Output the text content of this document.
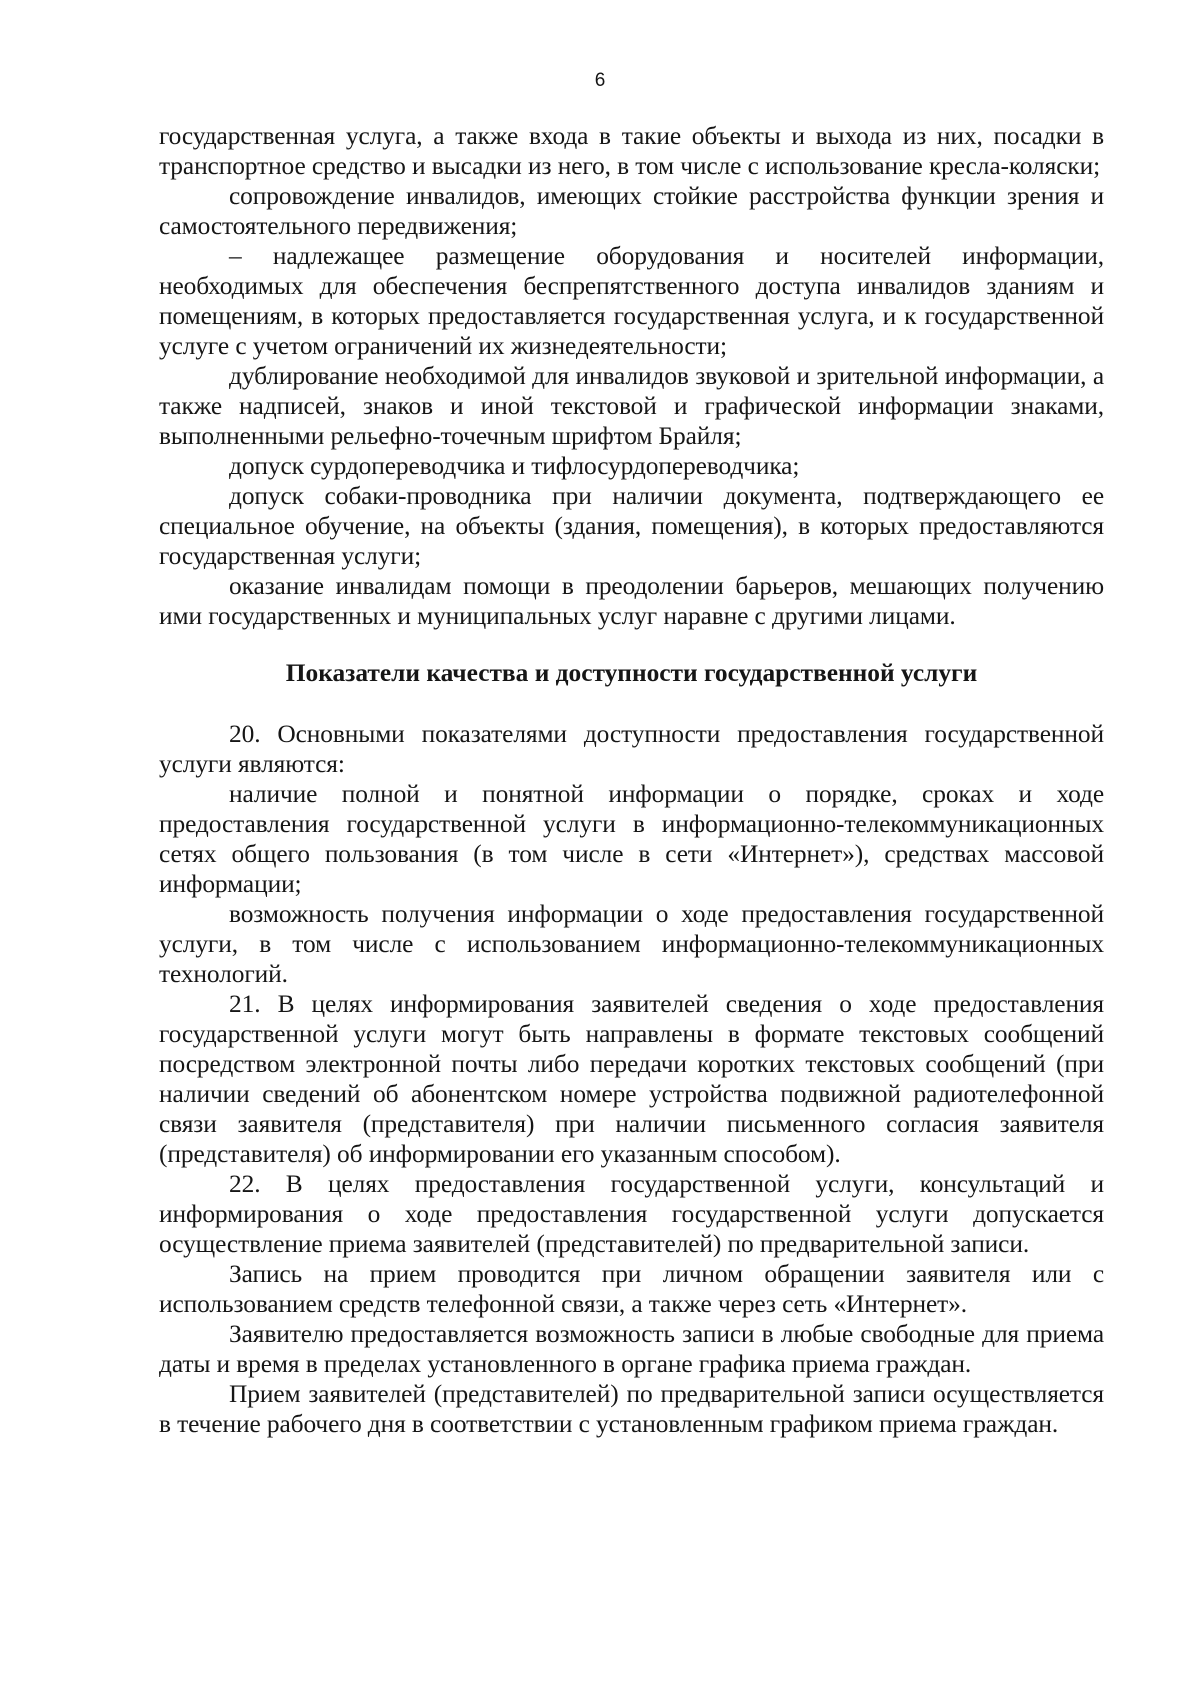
6

государственная услуга, а также входа в такие объекты и выхода из них, посадки в транспортное средство и высадки из него, в том числе с использование кресла-коляски;

сопровождение инвалидов, имеющих стойкие расстройства функции зрения и самостоятельного передвижения;

– надлежащее размещение оборудования и носителей информации, необходимых для обеспечения беспрепятственного доступа инвалидов зданиям и помещениям, в которых предоставляется государственная услуга, и к государственной услуге с учетом ограничений их жизнедеятельности;

дублирование необходимой для инвалидов звуковой и зрительной информации, а также надписей, знаков и иной текстовой и графической информации знаками, выполненными рельефно-точечным шрифтом Брайля;

допуск сурдопереводчика и тифлосурдопереводчика;

допуск собаки-проводника при наличии документа, подтверждающего ее специальное обучение, на объекты (здания, помещения), в которых предоставляются государственная услуги;

оказание инвалидам помощи в преодолении барьеров, мешающих получению ими государственных и муниципальных услуг наравне с другими лицами.

Показатели качества и доступности государственной услуги

20. Основными показателями доступности предоставления государственной услуги являются:

наличие полной и понятной информации о порядке, сроках и ходе предоставления государственной услуги в информационно-телекоммуникационных сетях общего пользования (в том числе в сети «Интернет»), средствах массовой информации;

возможность получения информации о ходе предоставления государственной услуги, в том числе с использованием информационно-телекоммуникационных технологий.

21. В целях информирования заявителей сведения о ходе предоставления государственной услуги могут быть направлены в формате текстовых сообщений посредством электронной почты либо передачи коротких текстовых сообщений (при наличии сведений об абонентском номере устройства подвижной радиотелефонной связи заявителя (представителя) при наличии письменного согласия заявителя (представителя) об информировании его указанным способом).

22. В целях предоставления государственной услуги, консультаций и информирования о ходе предоставления государственной услуги допускается осуществление приема заявителей (представителей) по предварительной записи.

Запись на прием проводится при личном обращении заявителя или с использованием средств телефонной связи, а также через сеть «Интернет».

Заявителю предоставляется возможность записи в любые свободные для приема даты и время в пределах установленного в органе графика приема граждан.

Прием заявителей (представителей) по предварительной записи осуществляется в течение рабочего дня в соответствии с установленным графиком приема граждан.
